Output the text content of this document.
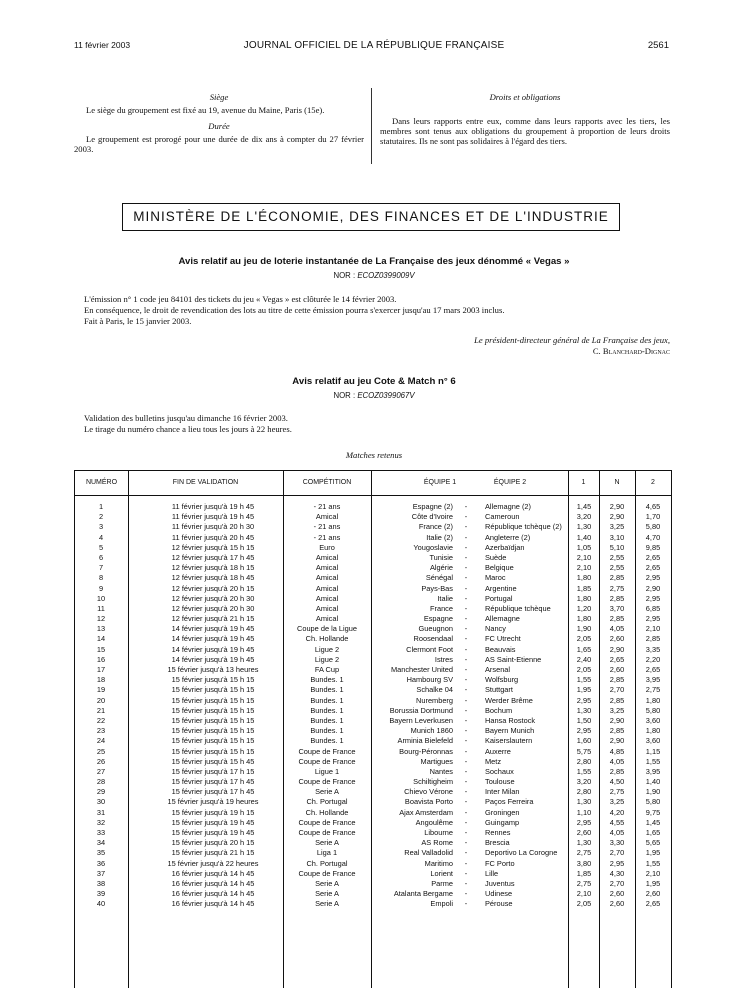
11 février 2003	JOURNAL OFFICIEL DE LA RÉPUBLIQUE FRANÇAISE	2561

Siège

Le siège du groupement est fixé au 19, avenue du Maine, Paris (15e).

Durée

Le groupement est prorogé pour une durée de dix ans à compter du 27 février 2003.

Droits et obligations

Dans leurs rapports entre eux, comme dans leurs rapports avec les tiers, les membres sont tenus aux obligations du groupement à proportion de leurs droits statutaires. Ils ne sont pas solidaires à l'égard des tiers.

MINISTÈRE DE L'ÉCONOMIE, DES FINANCES ET DE L'INDUSTRIE
Avis relatif au jeu de loterie instantanée de La Française des jeux dénommé « Vegas »
NOR : ECOZ0399009V
L'émission n° 1 code jeu 84101 des tickets du jeu « Vegas » est clôturée le 14 février 2003.
En conséquence, le droit de revendication des lots au titre de cette émission pourra s'exercer jusqu'au 17 mars 2003 inclus.
Fait à Paris, le 15 janvier 2003.
Le président-directeur général de La Française des jeux,
C. Blanchard-Dignac
Avis relatif au jeu Cote & Match n° 6
NOR : ECOZ0399067V
Validation des bulletins jusqu'au dimanche 16 février 2003.
Le tirage du numéro chance a lieu tous les jours à 22 heures.
Matches retenus
NUMÉRO	FIN DE VALIDATION	COMPÉTITION	ÉQUIPE 1	ÉQUIPE 2	1	N	2
1	11 février jusqu'à 19 h 45	- 21 ans	Espagne (2)	-	Allemagne (2)	1,45	2,90	4,65
2	11 février jusqu'à 19 h 45	Amical	Côte d'Ivoire	-	Cameroun	3,20	2,90	1,70
3	11 février jusqu'à 20 h 30	- 21 ans	France (2)	-	République tchèque (2)	1,30	3,25	5,80
4	11 février jusqu'à 20 h 45	- 21 ans	Italie (2)	-	Angleterre (2)	1,40	3,10	4,70
5	12 février jusqu'à 15 h 15	Euro	Yougoslavie	-	Azerbaïdjan	1,05	5,10	9,85
6	12 février jusqu'à 17 h 45	Amical	Tunisie	-	Suède	2,10	2,55	2,65
7	12 février jusqu'à 18 h 15	Amical	Algérie	-	Belgique	2,10	2,55	2,65
8	12 février jusqu'à 18 h 45	Amical	Sénégal	-	Maroc	1,80	2,85	2,95
9	12 février jusqu'à 20 h 15	Amical	Pays-Bas	-	Argentine	1,85	2,75	2,90
10	12 février jusqu'à 20 h 30	Amical	Italie	-	Portugal	1,80	2,85	2,95
11	12 février jusqu'à 20 h 30	Amical	France	-	République tchèque	1,20	3,70	6,85
12	12 février jusqu'à 21 h 15	Amical	Espagne	-	Allemagne	1,80	2,85	2,95
13	14 février jusqu'à 19 h 45	Coupe de la Ligue	Gueugnon	-	Nancy	1,90	4,05	2,10
14	14 février jusqu'à 19 h 45	Ch. Hollande	Roosendaal	-	FC Utrecht	2,05	2,60	2,85
15	14 février jusqu'à 19 h 45	Ligue 2	Clermont Foot	-	Beauvais	1,65	2,90	3,35
16	14 février jusqu'à 19 h 45	Ligue 2	Istres	-	AS Saint-Etienne	2,40	2,65	2,20
17	15 février jusqu'à 13 heures	FA Cup	Manchester United	-	Arsenal	2,05	2,60	2,65
18	15 février jusqu'à 15 h 15	Bundes. 1	Hambourg SV	-	Wolfsburg	1,55	2,85	3,95
19	15 février jusqu'à 15 h 15	Bundes. 1	Schalke 04	-	Stuttgart	1,95	2,70	2,75
20	15 février jusqu'à 15 h 15	Bundes. 1	Nuremberg	-	Werder Brême	2,95	2,85	1,80
21	15 février jusqu'à 15 h 15	Bundes. 1	Borussia Dortmund	-	Bochum	1,30	3,25	5,80
22	15 février jusqu'à 15 h 15	Bundes. 1	Bayern Leverkusen	-	Hansa Rostock	1,50	2,90	3,60
23	15 février jusqu'à 15 h 15	Bundes. 1	Munich 1860	-	Bayern Munich	2,95	2,85	1,80
24	15 février jusqu'à 15 h 15	Bundes. 1	Arminia Bielefeld	-	Kaiserslautern	1,60	2,90	3,60
25	15 février jusqu'à 15 h 15	Coupe de France	Bourg-Péronnas	-	Auxerre	5,75	4,85	1,15
26	15 février jusqu'à 15 h 45	Coupe de France	Martigues	-	Metz	2,80	4,05	1,55
27	15 février jusqu'à 17 h 15	Ligue 1	Nantes	-	Sochaux	1,55	2,85	3,95
28	15 février jusqu'à 17 h 45	Coupe de France	Schiltigheim	-	Toulouse	3,20	4,50	1,40
29	15 février jusqu'à 17 h 45	Serie A	Chievo Vérone	-	Inter Milan	2,80	2,75	1,90
30	15 février jusqu'à 19 heures	Ch. Portugal	Boavista Porto	-	Paços Ferreira	1,30	3,25	5,80
31	15 février jusqu'à 19 h 15	Ch. Hollande	Ajax Amsterdam	-	Groningen	1,10	4,20	9,75
32	15 février jusqu'à 19 h 45	Coupe de France	Angoulême	-	Guingamp	2,95	4,55	1,45
33	15 février jusqu'à 19 h 45	Coupe de France	Libourne	-	Rennes	2,60	4,05	1,65
34	15 février jusqu'à 20 h 15	Serie A	AS Rome	-	Brescia	1,30	3,30	5,65
35	15 février jusqu'à 21 h 15	Liga 1	Real Valladolid	-	Deportivo La Corogne	2,75	2,70	1,95
36	15 février jusqu'à 22 heures	Ch. Portugal	Maritimo	-	FC Porto	3,80	2,95	1,55
37	16 février jusqu'à 14 h 45	Coupe de France	Lorient	-	Lille	1,85	4,30	2,10
38	16 février jusqu'à 14 h 45	Serie A	Parme	-	Juventus	2,75	2,70	1,95
39	16 février jusqu'à 14 h 45	Serie A	Atalanta Bergame	-	Udinese	2,10	2,60	2,60
40	16 février jusqu'à 14 h 45	Serie A	Empoli	-	Pérouse	2,05	2,60	2,65
